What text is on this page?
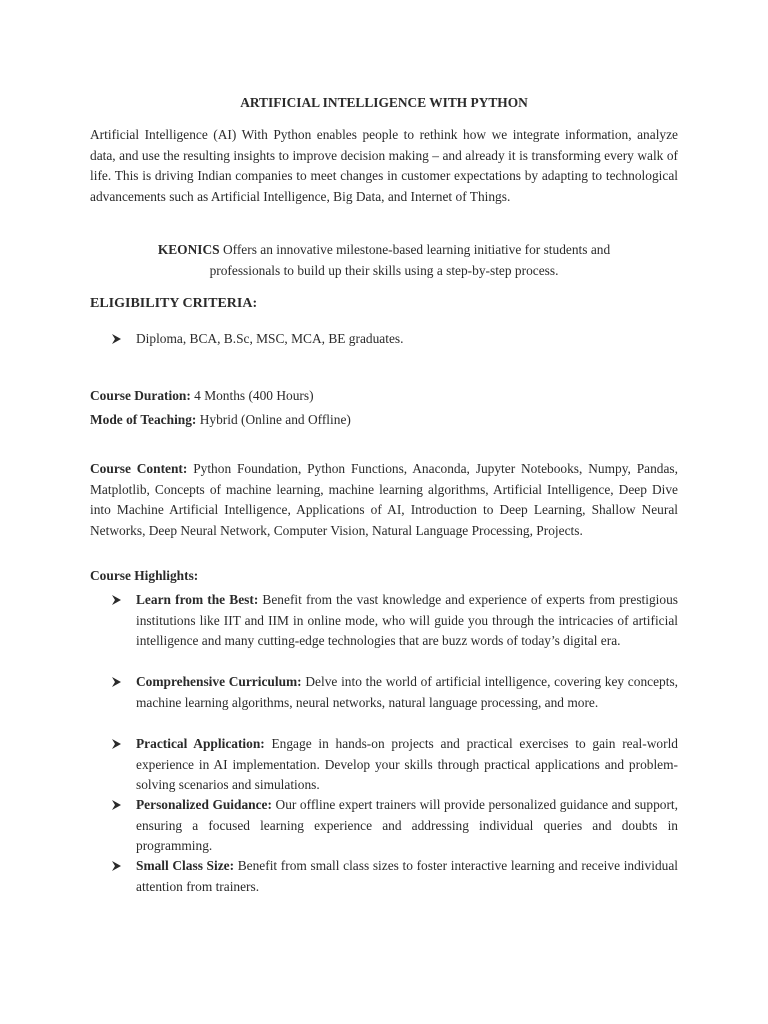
ARTIFICIAL INTELLIGENCE WITH PYTHON
Artificial Intelligence (AI) With Python enables people to rethink how we integrate information, analyze data, and use the resulting insights to improve decision making – and already it is transforming every walk of life. This is driving Indian companies to meet changes in customer expectations by adapting to technological advancements such as Artificial Intelligence, Big Data, and Internet of Things.
KEONICS Offers an innovative milestone-based learning initiative for students and
professionals to build up their skills using a step-by-step process.
ELIGIBILITY CRITERIA:
Diploma, BCA, B.Sc, MSC, MCA, BE graduates.
Course Duration: 4 Months (400 Hours)
Mode of Teaching: Hybrid (Online and Offline)
Course Content: Python Foundation, Python Functions, Anaconda, Jupyter Notebooks, Numpy, Pandas, Matplotlib, Concepts of machine learning, machine learning algorithms, Artificial Intelligence, Deep Dive into Machine Artificial Intelligence, Applications of AI, Introduction to Deep Learning, Shallow Neural Networks, Deep Neural Network, Computer Vision, Natural Language Processing, Projects.
Course Highlights:
Learn from the Best: Benefit from the vast knowledge and experience of experts from prestigious institutions like IIT and IIM in online mode, who will guide you through the intricacies of artificial intelligence and many cutting-edge technologies that are buzz words of today’s digital era.
Comprehensive Curriculum: Delve into the world of artificial intelligence, covering key concepts, machine learning algorithms, neural networks, natural language processing, and more.
Practical Application: Engage in hands-on projects and practical exercises to gain real-world experience in AI implementation. Develop your skills through practical applications and problem-solving scenarios and simulations.
Personalized Guidance: Our offline expert trainers will provide personalized guidance and support, ensuring a focused learning experience and addressing individual queries and doubts in programming.
Small Class Size: Benefit from small class sizes to foster interactive learning and receive individual attention from trainers.
